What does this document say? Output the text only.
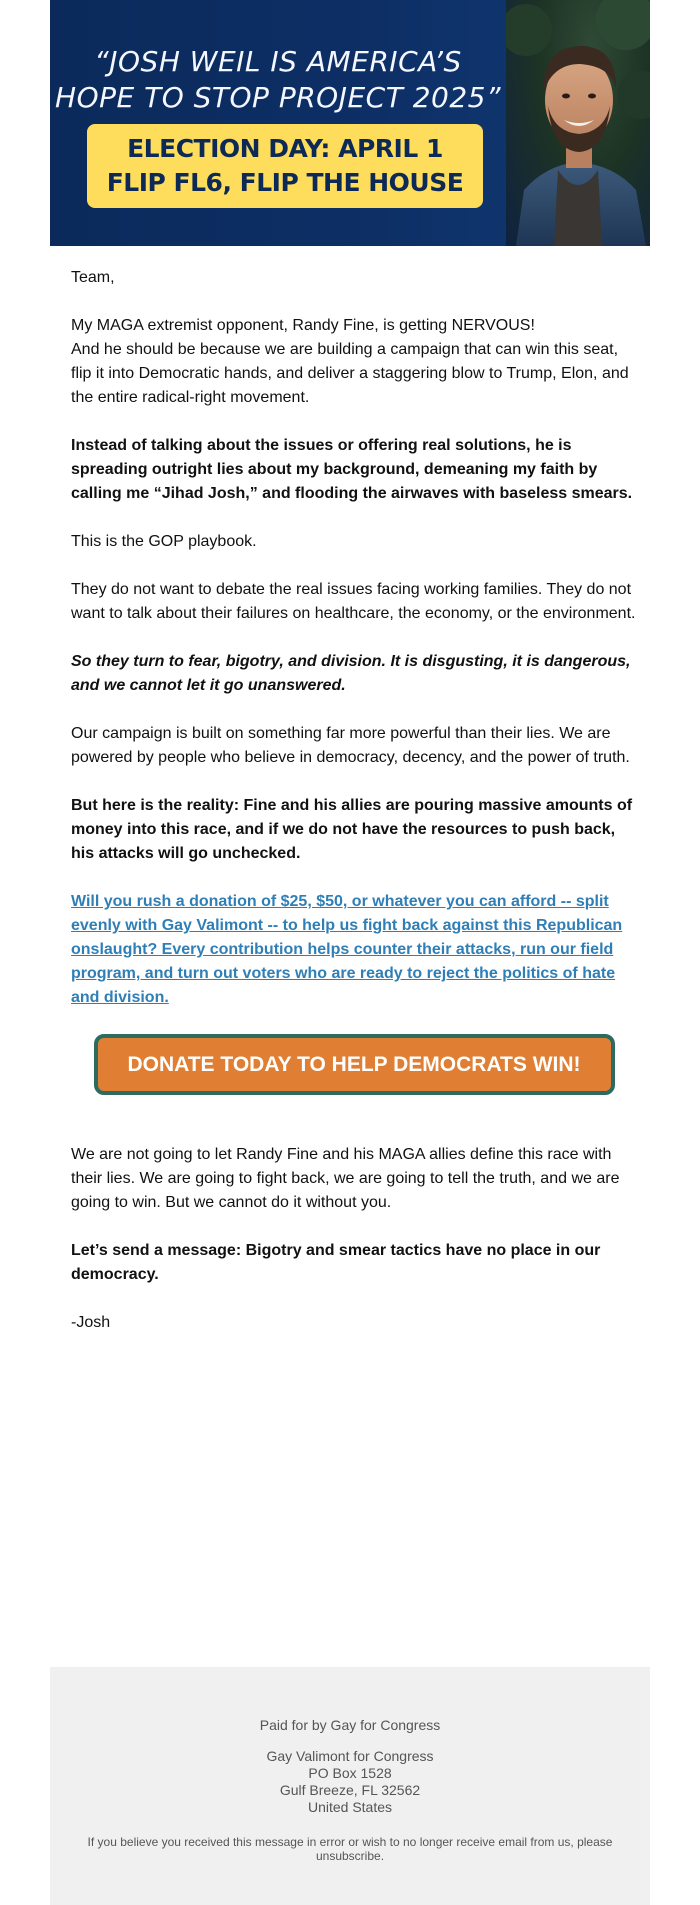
“JOSH WEIL IS AMERICA’S
HOPE TO STOP PROJECT 2025”
ELECTION DAY: APRIL 1
FLIP FL6, FLIP THE HOUSE

Team,

My MAGA extremist opponent, Randy Fine, is getting NERVOUS!
And he should be because we are building a campaign that can win this seat, flip it into Democratic hands, and deliver a staggering blow to Trump, Elon, and the entire radical-right movement.

Instead of talking about the issues or offering real solutions, he is spreading outright lies about my background, demeaning my faith by calling me “Jihad Josh,” and flooding the airwaves with baseless smears.

This is the GOP playbook.

They do not want to debate the real issues facing working families. They do not want to talk about their failures on healthcare, the economy, or the environment.

So they turn to fear, bigotry, and division. It is disgusting, it is dangerous, and we cannot let it go unanswered.

Our campaign is built on something far more powerful than their lies. We are powered by people who believe in democracy, decency, and the power of truth.

But here is the reality: Fine and his allies are pouring massive amounts of money into this race, and if we do not have the resources to push back, his attacks will go unchecked.

Will you rush a donation of $25, $50, or whatever you can afford -- split evenly with Gay Valimont -- to help us fight back against this Republican onslaught? Every contribution helps counter their attacks, run our field program, and turn out voters who are ready to reject the politics of hate and division.

DONATE TODAY TO HELP DEMOCRATS WIN!

We are not going to let Randy Fine and his MAGA allies define this race with their lies. We are going to fight back, we are going to tell the truth, and we are going to win. But we cannot do it without you.

Let’s send a message: Bigotry and smear tactics have no place in our democracy.

-Josh

Paid for by Gay for Congress
Gay Valimont for Congress
PO Box 1528
Gulf Breeze, FL 32562
United States
If you believe you received this message in error or wish to no longer receive email from us, please unsubscribe.
